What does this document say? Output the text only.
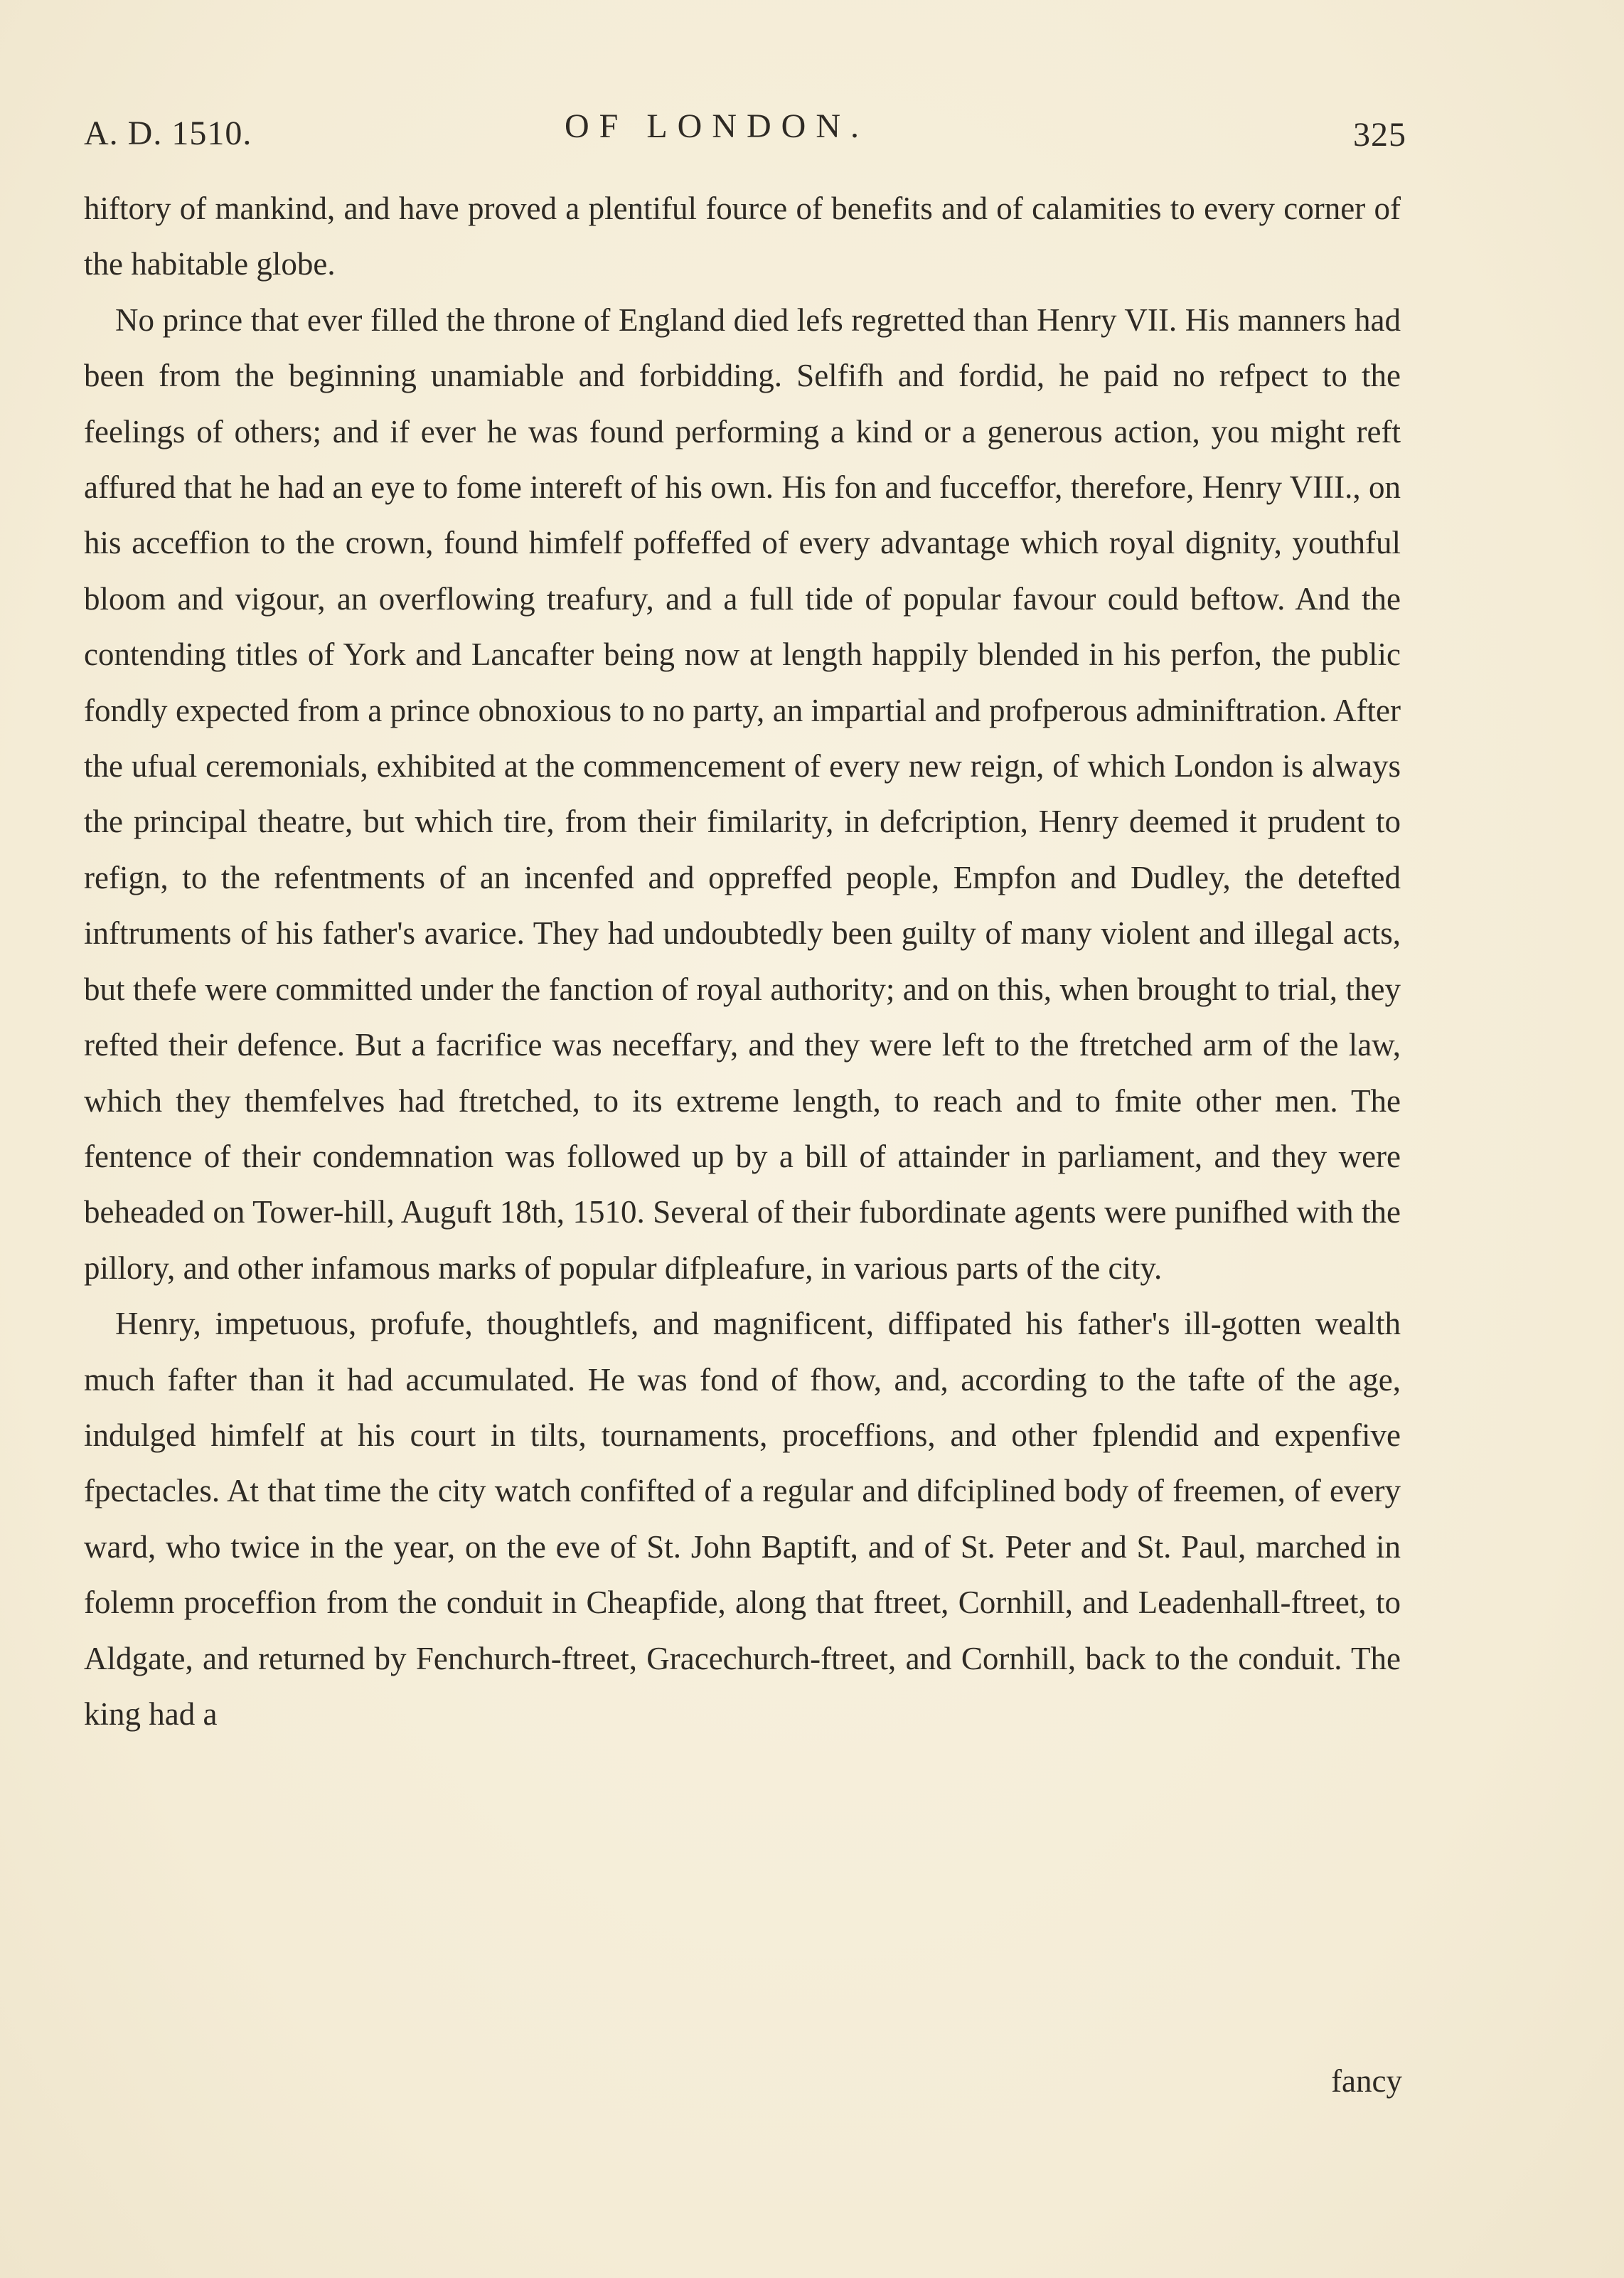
A. D. 1510.	OF LONDON.	325

hiftory of mankind, and have proved a plentiful fource of benefits and of calamities to every corner of the habitable globe.

No prince that ever filled the throne of England died lefs regretted than Henry VII. His manners had been from the beginning unamiable and forbidding. Selfifh and fordid, he paid no refpect to the feelings of others; and if ever he was found performing a kind or a generous action, you might reft affured that he had an eye to fome intereft of his own. His fon and fucceffor, therefore, Henry VIII., on his acceffion to the crown, found himfelf poffeffed of every advantage which royal dignity, youthful bloom and vigour, an overflowing treafury, and a full tide of popular favour could beftow. And the contending titles of York and Lancafter being now at length happily blended in his perfon, the public fondly expected from a prince obnoxious to no party, an impartial and profperous adminiftration. After the ufual ceremonials, exhibited at the commencement of every new reign, of which London is always the principal theatre, but which tire, from their fimilarity, in defcription, Henry deemed it prudent to refign, to the refentments of an incenfed and oppreffed people, Empfon and Dudley, the detefted inftruments of his father's avarice. They had undoubtedly been guilty of many violent and illegal acts, but thefe were committed under the fanction of royal authority; and on this, when brought to trial, they refted their defence. But a facrifice was neceffary, and they were left to the ftretched arm of the law, which they themfelves had ftretched, to its extreme length, to reach and to fmite other men. The fentence of their condemnation was followed up by a bill of attainder in parliament, and they were beheaded on Tower-hill, Auguft 18th, 1510. Several of their fubordinate agents were punifhed with the pillory, and other infamous marks of popular difpleafure, in various parts of the city.

Henry, impetuous, profufe, thoughtlefs, and magnificent, diffipated his father's ill-gotten wealth much fafter than it had accumulated. He was fond of fhow, and, according to the tafte of the age, indulged himfelf at his court in tilts, tournaments, proceffions, and other fplendid and expenfive fpectacles. At that time the city watch confifted of a regular and difciplined body of freemen, of every ward, who twice in the year, on the eve of St. John Baptift, and of St. Peter and St. Paul, marched in folemn proceffion from the conduit in Cheapfide, along that ftreet, Cornhill, and Leadenhall-ftreet, to Aldgate, and returned by Fenchurch-ftreet, Gracechurch-ftreet, and Cornhill, back to the conduit. The king had a

fancy
